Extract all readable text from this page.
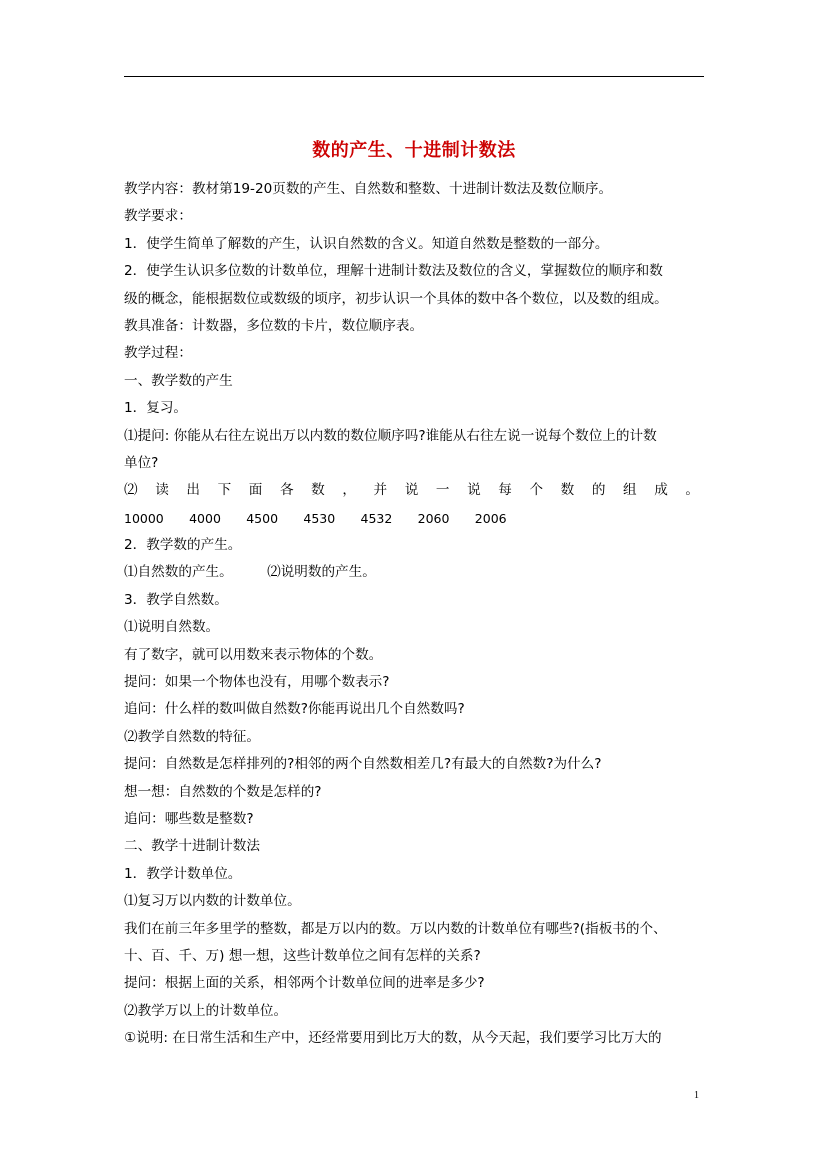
数的产生、十进制计数法
教学内容：教材第19-20页数的产生、自然数和整数、十进制计数法及数位顺序。
教学要求：
1．使学生简单了解数的产生，认识自然数的含义。知道自然数是整数的一部分。
2．使学生认识多位数的计数单位，理解十进制计数法及数位的含义，掌握数位的顺序和数
级的概念，能根据数位或数级的顷序，初步认识一个具体的数中各个数位，以及数的组成。
教具准备：计数器，多位数的卡片，数位顺序表。
教学过程：
一、教学数的产生
1．复习。
⑴提问: 你能从右往左说出万以内数的数位顺序吗?谁能从右往左说一说每个数位上的计数
单位?
⑵ 读 出 下 面 各 数 ， 并 说 一 说 每 个 数 的 组 成 。
10000 4000 4500 4530 4532 2060 2006
2．教学数的产生。
⑴自然数的产生。	⑵说明数的产生。
3．教学自然数。
⑴说明自然数。
有了数字，就可以用数来表示物体的个数。
提问：如果一个物体也没有，用哪个数表示?
追问：什么样的数叫做自然数?你能再说出几个自然数吗?
⑵教学自然数的特征。
提问：自然数是怎样排列的?相邻的两个自然数相差几?有最大的自然数?为什么?
想一想：自然数的个数是怎样的?
追问：哪些数是整数?
二、教学十进制计数法
1．教学计数单位。
⑴复习万以内数的计数单位。
我们在前三年多里学的整数，都是万以内的数。万以内数的计数单位有哪些?(指板书的个、
十、百、千、万) 想一想，这些计数单位之间有怎样的关系?
提问：根据上面的关系，相邻两个计数单位间的进率是多少?
⑵教学万以上的计数单位。
①说明: 在日常生活和生产中，还经常要用到比万大的数，从今天起，我们要学习比万大的
1
